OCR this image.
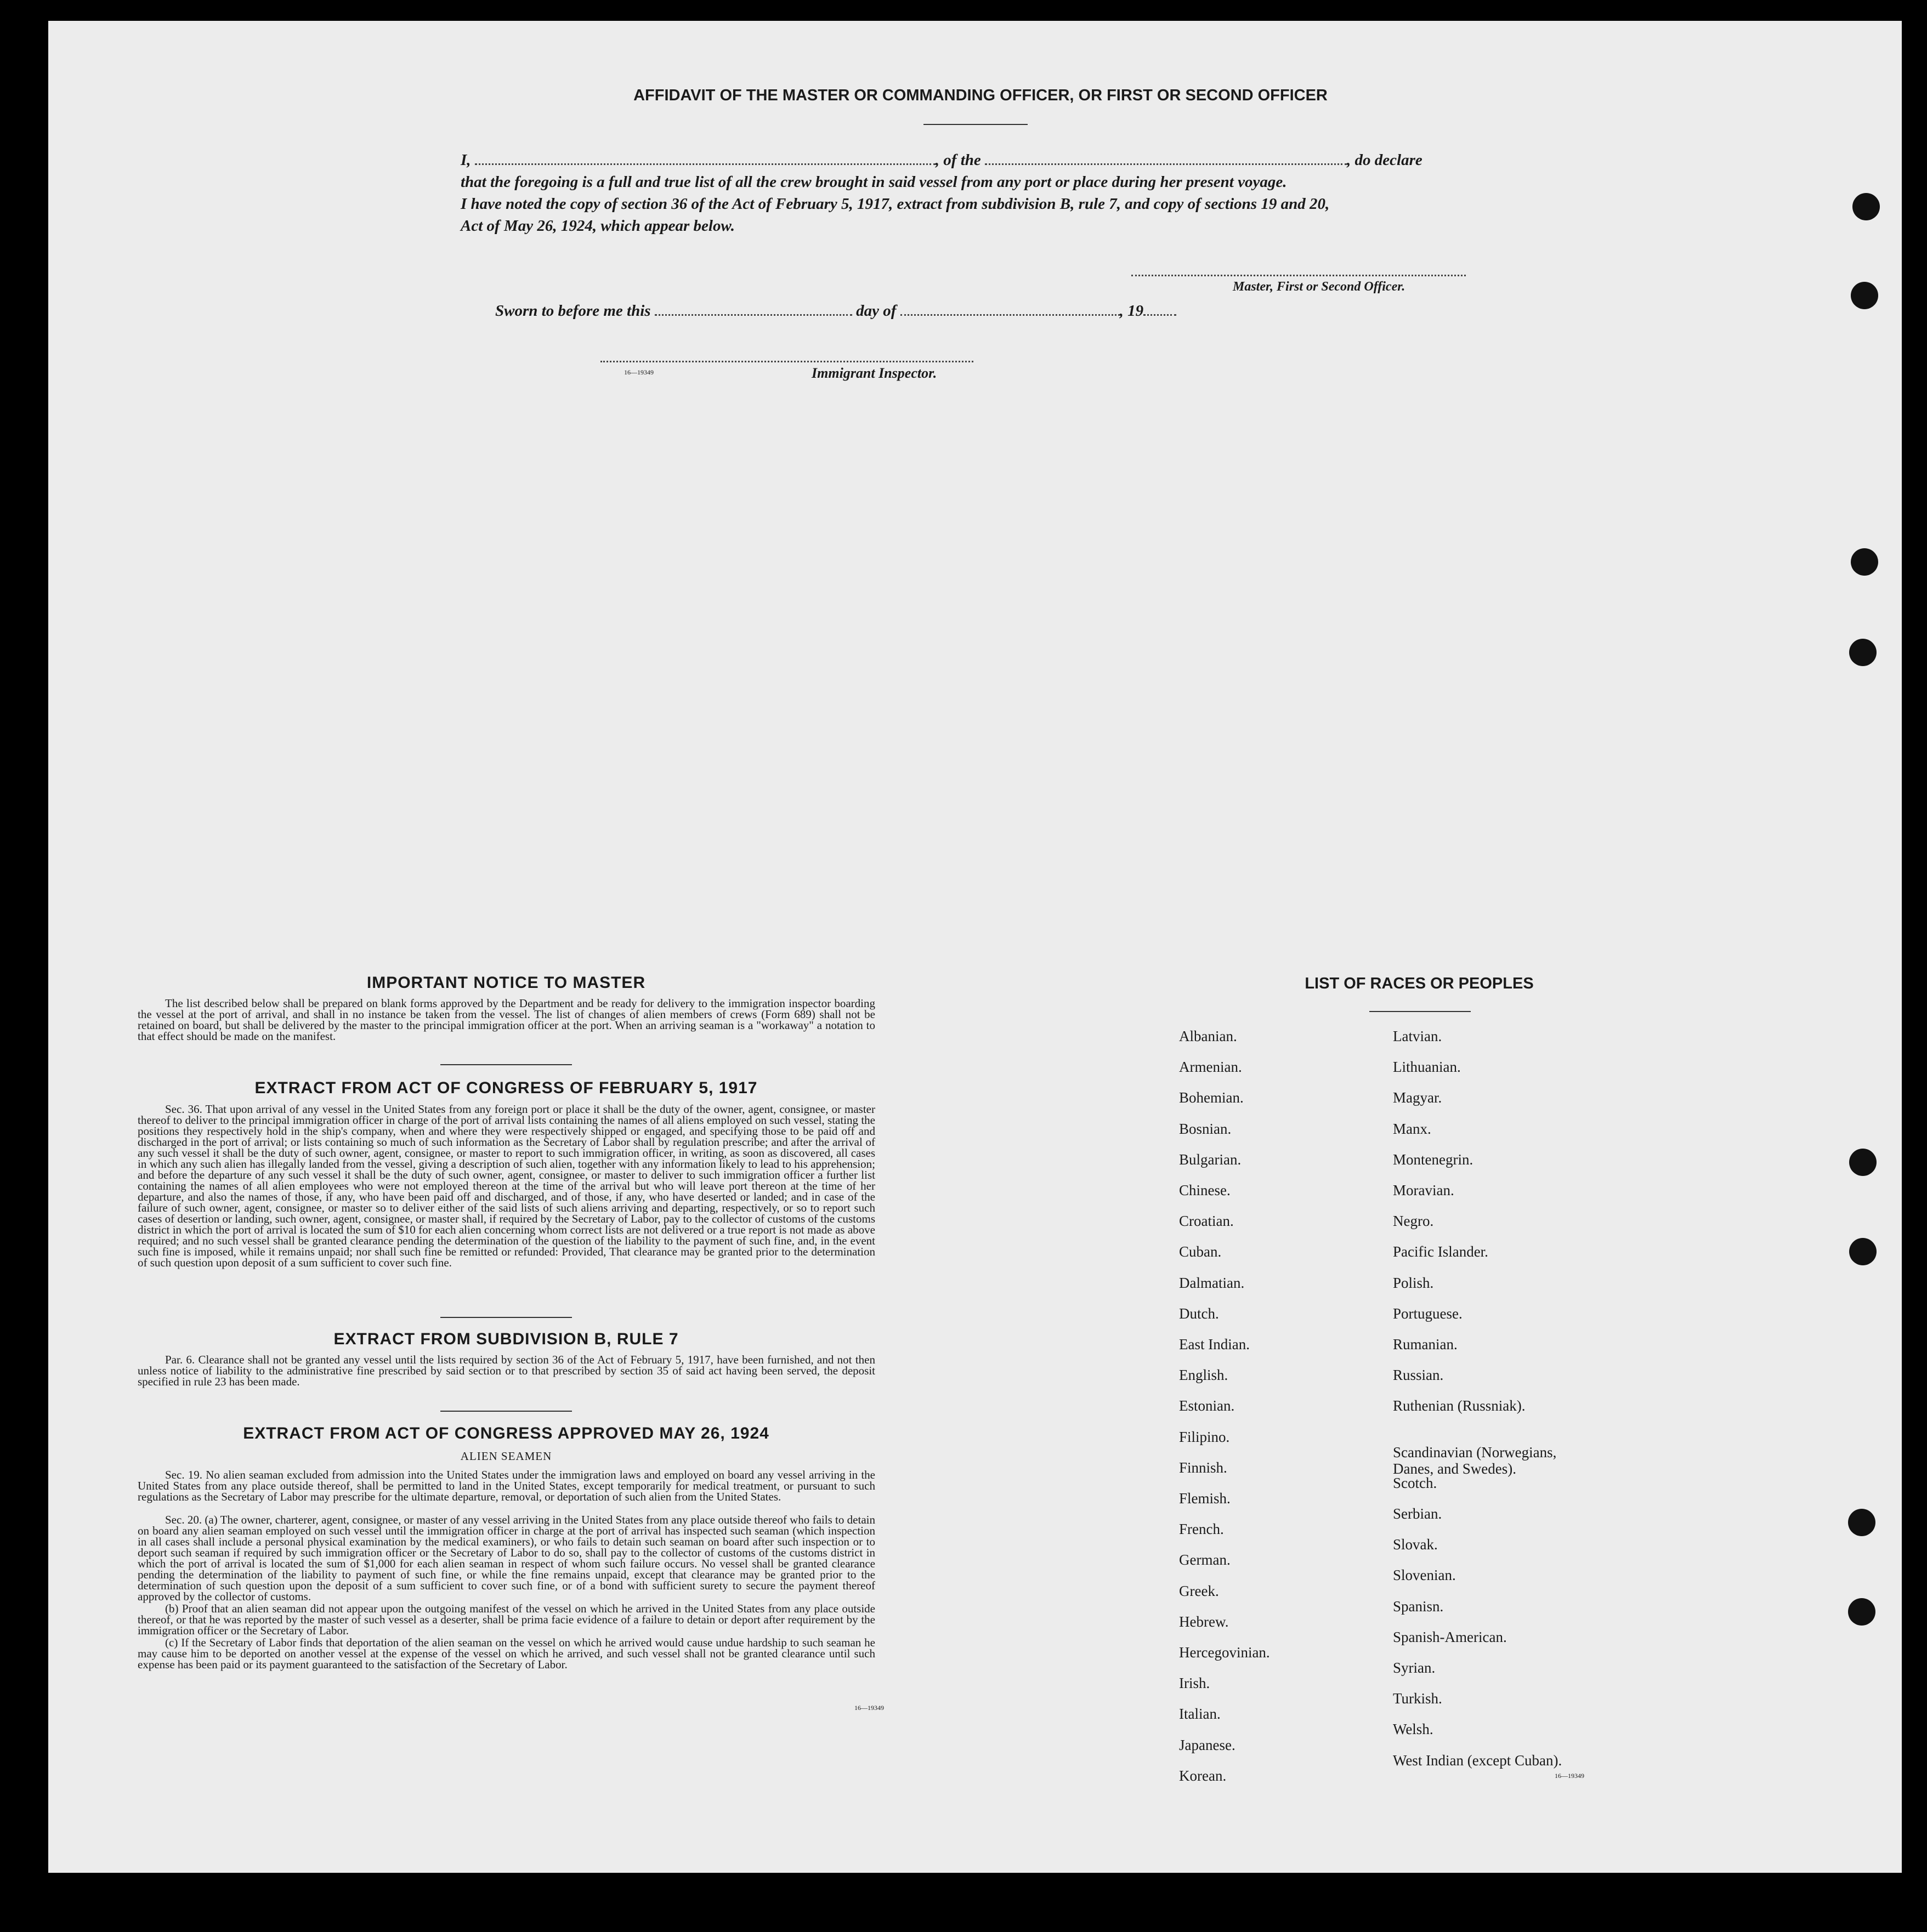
AFFIDAVIT OF THE MASTER OR COMMANDING OFFICER, OR FIRST OR SECOND OFFICER
I,	, of the	, do declare
that the foregoing is a full and true list of all the crew brought in said vessel from any port or place during her present voyage.
I have noted the copy of section 36 of the Act of February 5, 1917, extract from subdivision B, rule 7, and copy of sections 19 and 20,
Act of May 26, 1924, which appear below.
Master, First or Second Officer.
Sworn to before me this	day of	, 19
16—19349	Immigrant Inspector.
IMPORTANT NOTICE TO MASTER
The list described below shall be prepared on blank forms approved by the Department and be ready for delivery to the immigration inspector boarding the vessel at the port of arrival, and shall in no instance be taken from the vessel. The list of changes of alien members of crews (Form 689) shall not be retained on board, but shall be delivered by the master to the principal immigration officer at the port. When an arriving seaman is a "workaway" a notation to that effect should be made on the manifest.
EXTRACT FROM ACT OF CONGRESS OF FEBRUARY 5, 1917
Sec. 36. That upon arrival of any vessel in the United States from any foreign port or place it shall be the duty of the owner, agent, consignee, or master thereof to deliver to the principal immigration officer in charge of the port of arrival lists containing the names of all aliens employed on such vessel, stating the positions they respectively hold in the ship's company, when and where they were respectively shipped or engaged, and specifying those to be paid off and discharged in the port of arrival; or lists containing so much of such information as the Secretary of Labor shall by regulation prescribe; and after the arrival of any such vessel it shall be the duty of such owner, agent, consignee, or master to report to such immigration officer, in writing, as soon as discovered, all cases in which any such alien has illegally landed from the vessel, giving a description of such alien, together with any information likely to lead to his apprehension; and before the departure of any such vessel it shall be the duty of such owner, agent, consignee, or master to deliver to such immigration officer a further list containing the names of all alien employees who were not employed thereon at the time of the arrival but who will leave port thereon at the time of her departure, and also the names of those, if any, who have been paid off and discharged, and of those, if any, who have deserted or landed; and in case of the failure of such owner, agent, consignee, or master so to deliver either of the said lists of such aliens arriving and departing, respectively, or so to report such cases of desertion or landing, such owner, agent, consignee, or master shall, if required by the Secretary of Labor, pay to the collector of customs of the customs district in which the port of arrival is located the sum of $10 for each alien concerning whom correct lists are not delivered or a true report is not made as above required; and no such vessel shall be granted clearance pending the determination of the question of the liability to the payment of such fine, and, in the event such fine is imposed, while it remains unpaid; nor shall such fine be remitted or refunded: Provided, That clearance may be granted prior to the determination of such question upon deposit of a sum sufficient to cover such fine.
EXTRACT FROM SUBDIVISION B, RULE 7
Par. 6. Clearance shall not be granted any vessel until the lists required by section 36 of the Act of February 5, 1917, have been furnished, and not then unless notice of liability to the administrative fine prescribed by said section or to that prescribed by section 35 of said act having been served, the deposit specified in rule 23 has been made.
EXTRACT FROM ACT OF CONGRESS APPROVED MAY 26, 1924
ALIEN SEAMEN
Sec. 19. No alien seaman excluded from admission into the United States under the immigration laws and employed on board any vessel arriving in the United States from any place outside thereof, shall be permitted to land in the United States, except temporarily for medical treatment, or pursuant to such regulations as the Secretary of Labor may prescribe for the ultimate departure, removal, or deportation of such alien from the United States.
Sec. 20. (a) The owner, charterer, agent, consignee, or master of any vessel arriving in the United States from any place outside thereof who fails to detain on board any alien seaman employed on such vessel until the immigration officer in charge at the port of arrival has inspected such seaman (which inspection in all cases shall include a personal physical examination by the medical examiners), or who fails to detain such seaman on board after such inspection or to deport such seaman if required by such immigration officer or the Secretary of Labor to do so, shall pay to the collector of customs of the customs district in which the port of arrival is located the sum of $1,000 for each alien seaman in respect of whom such failure occurs. No vessel shall be granted clearance pending the determination of the liability to payment of such fine, or while the fine remains unpaid, except that clearance may be granted prior to the determination of such question upon the deposit of a sum sufficient to cover such fine, or of a bond with sufficient surety to secure the payment thereof approved by the collector of customs.
(b) Proof that an alien seaman did not appear upon the outgoing manifest of the vessel on which he arrived in the United States from any place outside thereof, or that he was reported by the master of such vessel as a deserter, shall be prima facie evidence of a failure to detain or deport after requirement by the immigration officer or the Secretary of Labor.
(c) If the Secretary of Labor finds that deportation of the alien seaman on the vessel on which he arrived would cause undue hardship to such seaman he may cause him to be deported on another vessel at the expense of the vessel on which he arrived, and such vessel shall not be granted clearance until such expense has been paid or its payment guaranteed to the satisfaction of the Secretary of Labor.
16—19349
LIST OF RACES OR PEOPLES
Albanian.
Armenian.
Bohemian.
Bosnian.
Bulgarian.
Chinese.
Croatian.
Cuban.
Dalmatian.
Dutch.
East Indian.
English.
Estonian.
Filipino.
Finnish.
Flemish.
French.
German.
Greek.
Hebrew.
Hercegovinian.
Irish.
Italian.
Japanese.
Korean.
Latvian.
Lithuanian.
Magyar.
Manx.
Montenegrin.
Moravian.
Negro.
Pacific Islander.
Polish.
Portuguese.
Rumanian.
Russian.
Ruthenian (Russniak).
Scandinavian (Norwegians, Danes, and Swedes).
Scotch.
Serbian.
Slovak.
Slovenian.
Spanisn.
Spanish-American.
Syrian.
Turkish.
Welsh.
West Indian (except Cuban).
16—19349
